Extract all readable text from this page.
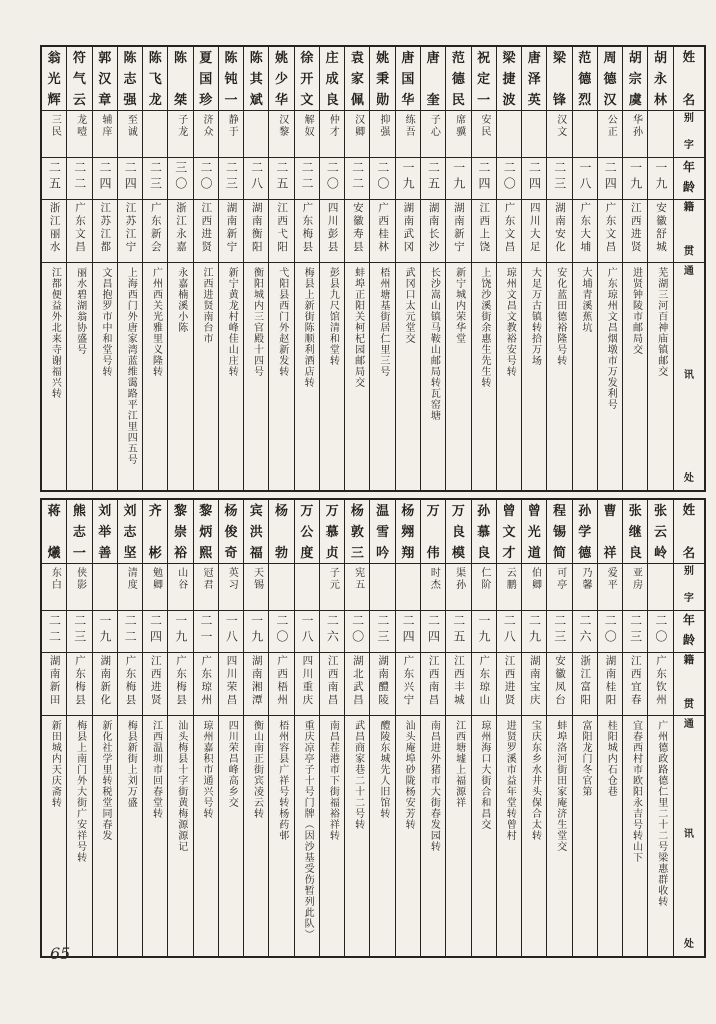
姓
名
别
字
年
龄
籍
贯
通
讯
处
胡
永
林
一九
安徽舒城
芜湖三河百神庙镇邮交
胡
宗
虞
华孙
一九
江西进贤
进贤钟陵市邮局交
周
德
汉
公正
二四
广东文昌
广东琼州文昌烟墩市万发利号
范
德
烈
一八
广东大埔
大埔青溪蕉坑
梁
锋
汉文
二三
湖南安化
安化蓝田德裕隆号转
唐
泽
英
二四
四川大足
大足万古镇转拾万场
梁
捷
波
二〇
广东文昌
琼州文昌文教裕安号转
祝
定
一
安民
二四
江西上饶
上饶沙溪街余惠生先生转
范
德
民
席骥
一九
湖南新宁
新宁城内荣华堂
唐
奎
子心
二五
湖南长沙
长沙嵩山镇马鞍山邮局转瓦窑塘
唐
国
华
练吾
一九
湖南武冈
武冈口太元堂交
姚
秉
勋
抑强
二〇
广西桂林
梧州塘基街居仁里三号
袁
家
佩
汉卿
二二
安徽寿县
蚌埠正阳关柯杞园邮局交
庄
成
良
仲才
二〇
四川彭县
彭县九尺馆清和堂转
徐
开
文
解奴
二二
广东梅县
梅县上新街陈顺利酒店转
姚
少
华
汉黎
二五
江西弋阳
弋阳县西门外赵新发转
陈
其
斌
二八
湖南衡阳
衡阳城内三官殿十四号
陈
钝
一
静于
二三
湖南新宁
新宁黄龙村峰佳山庄转
夏
国
珍
济众
二〇
江西进贤
江西进贤南台市
陈
桀
子龙
三〇
浙江永嘉
永嘉楠溪小陈
陈
飞
龙
二三
广东新会
广州西关光雅里义隆转
陈
志
强
至诚
二四
江苏江宁
上海西门外唐家湾蓝维霭路平江里四五号
郭
汉
章
辅庠
二四
江苏江都
文昌抱罗市中和堂号转
符
气
云
龙噎
二二
广东文昌
丽水碧湖翁协盛号
翁
光
辉
三民
二五
浙江丽水
江都便益外北来寺谢福兴转
姓
名
别
字
年
龄
籍
贯
通
讯
处
张
云
岭
二〇
广东钦州
广州德政路德仁里二十二号梁惠群收转
张
继
良
亚房
二三
江西宜春
宜春西村市欧阳永吉号转山下
曹
祥
爱平
二〇
湖南桂阳
桂阳城内石仓巷
孙
学
德
乃馨
二六
浙江富阳
富阳龙门冬官第
程
锡
简
可亭
二三
安徽凤台
蚌埠洛河街田家庵济生堂交
曾
光
道
伯卿
二九
湖南宝庆
宝庆东乡水井头保合太转
曾
文
才
云鹏
二八
江西进贤
进贤罗溪市益年堂转曾村
孙
慕
良
仁阶
一九
广东琼山
琼州海口大街合和昌交
万
良
模
渠孙
二五
江西丰城
江西塘墟上福源祥
万
伟
时杰
二四
江西南昌
南昌进外猪市大街春发园转
杨
翙
翔
二四
广东兴宁
汕头庵埠砂陇杨安芳转
温
雪
吟
二三
湖南醴陵
醴陵东城先人旧馆转
杨
敦
三
宪五
二〇
湖北武昌
武昌商家巷二十二号转
万
慕
贞
子元
二六
江西南昌
南昌茬港市下街福裕祥转
万
公
度
一八
四川重庆
重庆凉亭子十号门牌（因沙基受伤暂列此队）
杨
勃
二〇
广西梧州
梧州容县广祥号转杨药邨
宾
洪
福
天锡
一九
湖南湘潭
衡山南正街宾凌云转
杨
俊
奇
英习
一八
四川荣昌
四川荣昌峰高乡交
黎
炳
熙
冠君
二一
广东琼州
琼州嘉积市通兴号转
黎
崇
裕
山谷
一九
广东梅县
汕头梅县十字街黄梅源源记
齐
彬
勉卿
二四
江西进贤
江西温圳市回春堂转
刘
志
坚
清度
二二
广东梅县
梅县新街上刘万盛
刘
举
善
一九
湖南新化
新化社学里转税堂同春发
熊
志
一
侠影
二三
广东梅县
梅县上南门外大街广安祥号转
蒋
爔
东白
二二
湖南新田
新田城内天庆斋转
65
